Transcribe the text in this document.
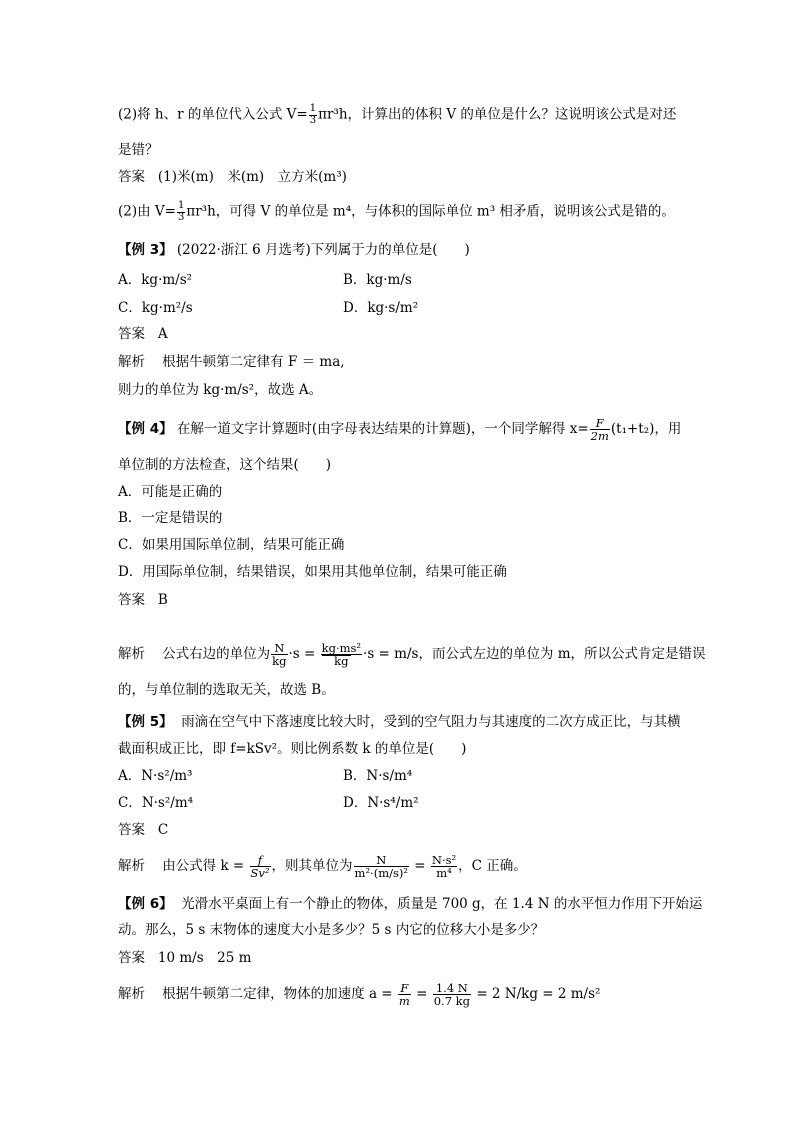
(2)将 h、r 的单位代入公式 $V= \frac{1}{3} \pi r^3h$，计算出的体积 V 的单位是什么？这说明该公式是对还
是错？
答案 (1)米(m)　米(m)　立方米(m³)
(2)由 $V= \frac{1}{3} \pi r^3h$，可得 V 的单位是 m⁴，与体积的国际单位 m³ 相矛盾，说明该公式是错的。
【例 3】 (2022·浙江 6 月选考)下列属于力的单位是(　　)
A．kg·m/s²	B．kg·m/s
C．kg·m²/s	D．kg·s/m²
答案 A
解析 根据牛顿第二定律有 F ＝ ma,
则力的单位为 kg·m/s²，故选 A。
【例 4】 在解一道文字计算题时(由字母表达结果的计算题)，一个同学解得 $x= \frac{F}{2m} (t_1+t_2)$，用
单位制的方法检查，这个结果(　　)
A．可能是正确的
B．一定是错误的
C．如果用国际单位制，结果可能正确
D．用国际单位制，结果错误，如果用其他单位制，结果可能正确
答案 B
解析 公式右边的单位为 $\frac{N}{kg} \cdot s = \frac{\text{kg·ms²}}{kg} \cdot s = m/s$，而公式左边的单位为 m，所以公式肯定是错误
的，与单位制的选取无关，故选 B。
【例 5】 雨滴在空气中下落速度比较大时，受到的空气阻力与其速度的二次方成正比，与其横
截面积成正比，即 f=kSv²。则比例系数 k 的单位是(　　)
A．N·s²/m³	B．N·s/m⁴
C．N·s²/m⁴	D．N·s⁴/m²
答案 C
解析 由公式得 $k = \frac{f}{\text{Sv²}}$ ，则其单位为 $\frac{N}{\text{m²·(m/s)²}} = \frac{\text{N·s²}}{\text{m⁴}}$ ，C 正确。
【例 6】 光滑水平桌面上有一个静止的物体，质量是 700 g，在 1.4 N 的水平恒力作用下开始运
动。那么，5 s 末物体的速度大小是多少？5 s 内它的位移大小是多少？
答案 10 m/s　25 m
解析 根据牛顿第二定律，物体的加速度 $a = \frac{F}{m} = \frac{1.4 N}{0.7 kg} = 2$ N/kg = 2 m/s²
